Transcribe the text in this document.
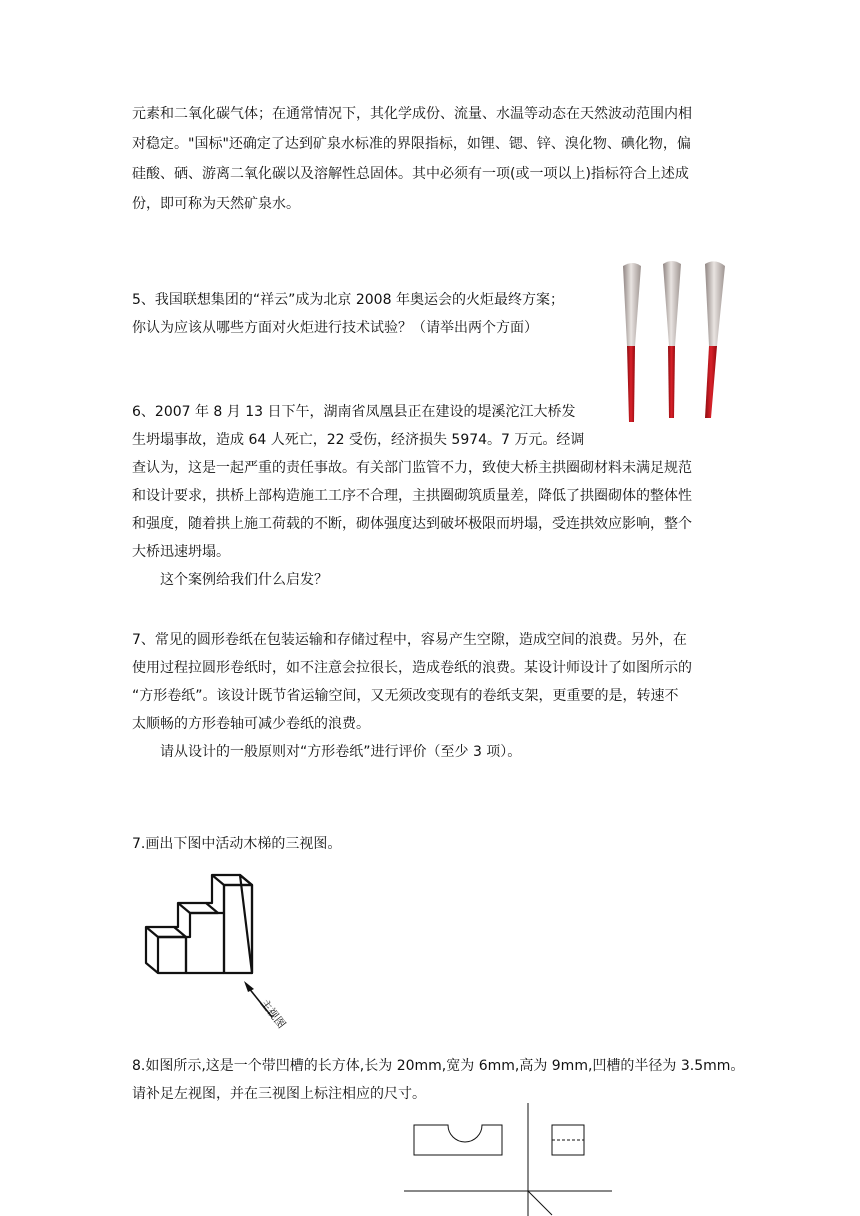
元素和二氧化碳气体；在通常情况下，其化学成份、流量、水温等动态在天然波动范围内相
对稳定。"国标"还确定了达到矿泉水标准的界限指标，如锂、锶、锌、溴化物、碘化物，偏
硅酸、硒、游离二氧化碳以及溶解性总固体。其中必须有一项(或一项以上)指标符合上述成
份，即可称为天然矿泉水。
5、我国联想集团的“祥云”成为北京 2008 年奥运会的火炬最终方案；
你认为应该从哪些方面对火炬进行技术试验？（请举出两个方面）
6、2007 年 8 月 13 日下午，湖南省凤凰县正在建设的堤溪沱江大桥发
生坍塌事故，造成 64 人死亡，22 受伤，经济损失 5974。7 万元。经调
查认为，这是一起严重的责任事故。有关部门监管不力，致使大桥主拱圈砌材料未满足规范
和设计要求，拱桥上部构造施工工序不合理，主拱圈砌筑质量差，降低了拱圈砌体的整体性
和强度，随着拱上施工荷载的不断，砌体强度达到破坏极限而坍塌，受连拱效应影响，整个
大桥迅速坍塌。
这个案例给我们什么启发？
7、常见的圆形卷纸在包装运输和存储过程中，容易产生空隙，造成空间的浪费。另外，在
使用过程拉圆形卷纸时，如不注意会拉很长，造成卷纸的浪费。某设计师设计了如图所示的
“方形卷纸”。该设计既节省运输空间，又无须改变现有的卷纸支架，更重要的是，转速不
太顺畅的方形卷轴可减少卷纸的浪费。
请从设计的一般原则对“方形卷纸”进行评价（至少 3 项）。
7.画出下图中活动木梯的三视图。
主视图
8.如图所示,这是一个带凹槽的长方体,长为 20mm,宽为 6mm,高为 9mm,凹槽的半径为 3.5mm。
请补足左视图，并在三视图上标注相应的尺寸。
